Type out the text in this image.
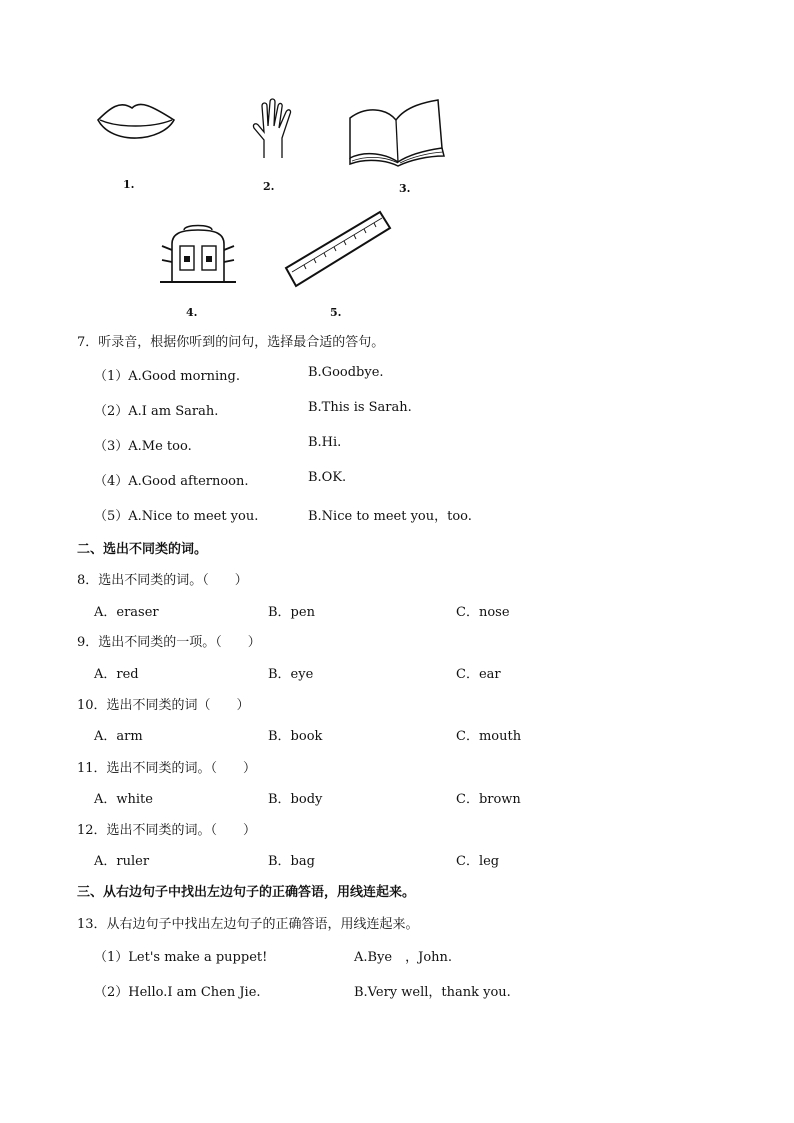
1.	2.	3.
4.	5.
7．听录音，根据你听到的问句，选择最合适的答句。
（1）A.Good morning.	B.Goodbye.
（2）A.I am Sarah.	B.This is Sarah.
（3）A.Me too.	B.Hi.
（4）A.Good afternoon.	B.OK.
（5）A.Nice to meet you.	B.Nice to meet you，too.
二、选出不同类的词。
8．选出不同类的词。（　　）
A．eraser	B．pen	C．nose
9．选出不同类的一项。（　　）
A．red	B．eye	C．ear
10．选出不同类的词（　　）
A．arm	B．book	C．mouth
11．选出不同类的词。（　　）
A．white	B．body	C．brown
12．选出不同类的词。（　　）
A．ruler	B．bag	C．leg
三、从右边句子中找出左边句子的正确答语，用线连起来。
13．从右边句子中找出左边句子的正确答语，用线连起来。
（1）Let's make a puppet!	A.Bye　，John.
（2）Hello.I am Chen Jie.	B.Very well，thank you.
